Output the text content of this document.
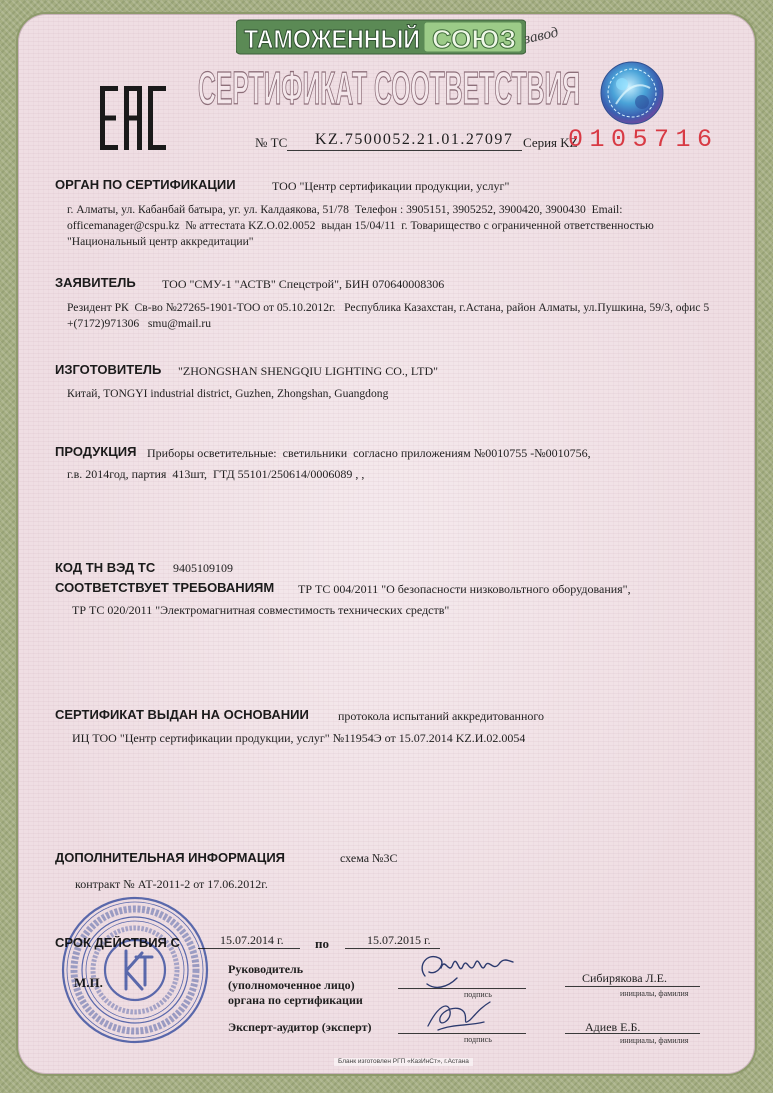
ТАМОЖЕННЫЙ СОЮЗ завод
СЕРТИФИКАТ СООТВЕТСТВИЯ
№ ТС KZ.7500052.21.01.27097 Серия KZ
0105716
ОРГАН ПО СЕРТИФИКАЦИИ	ТОО "Центр сертификации продукции, услуг"
г. Алматы, ул. Кабанбай батыра, уг. ул. Калдаякова, 51/78  Телефон : 3905151, 3905252, 3900420, 3900430  Email:
officemanager@cspu.kz  № аттестата KZ.O.02.0052  выдан 15/04/11  г. Товарищество с ограниченной ответственностью
"Национальный центр аккредитации"
ЗАЯВИТЕЛЬ ТОО "СМУ-1 "АСТВ" Спецстрой", БИН 070640008306
Резидент РК  Св-во №27265-1901-ТОО от 05.10.2012г.   Республика Казахстан, г.Астана, район Алматы, ул.Пушкина, 59/3, офис 5
+(7172)971306   smu@mail.ru
ИЗГОТОВИТЕЛЬ "ZHONGSHAN SHENGQIU LIGHTING CO., LTD"
Китай, TONGYI industrial district, Guzhen, Zhongshan, Guangdong
ПРОДУКЦИЯ Приборы осветительные:  светильники  согласно приложениям №0010755 -№0010756,
г.в. 2014год, партия  413шт,  ГТД 55101/250614/0006089 , ,
КОД ТН ВЭД ТС 9405109109
СООТВЕТСТВУЕТ ТРЕБОВАНИЯМ ТР ТС 004/2011 "О безопасности низковольтного оборудования",
ТР ТС 020/2011 "Электромагнитная совместимость технических средств"
СЕРТИФИКАТ ВЫДАН НА ОСНОВАНИИ протокола испытаний аккредитованного
ИЦ ТОО "Центр сертификации продукции, услуг" №11954Э от 15.07.2014 KZ.И.02.0054
ДОПОЛНИТЕЛЬНАЯ ИНФОРМАЦИЯ	схема №3С
контракт № АТ-2011-2 от 17.06.2012г.
СРОК ДЕЙСТВИЯ С	15.07.2014 г. по	15.07.2015 г.
Руководитель
(уполномоченное лицо)
органа по сертификации	подпись
Сибирякова Л.Е.
инициалы, фамилия
Эксперт-аудитор (эксперт)
подпись
Адиев Е.Б.
инициалы, фамилия
М.П.
Бланк изготовлен РГП «КазИнСт», г.Астана
